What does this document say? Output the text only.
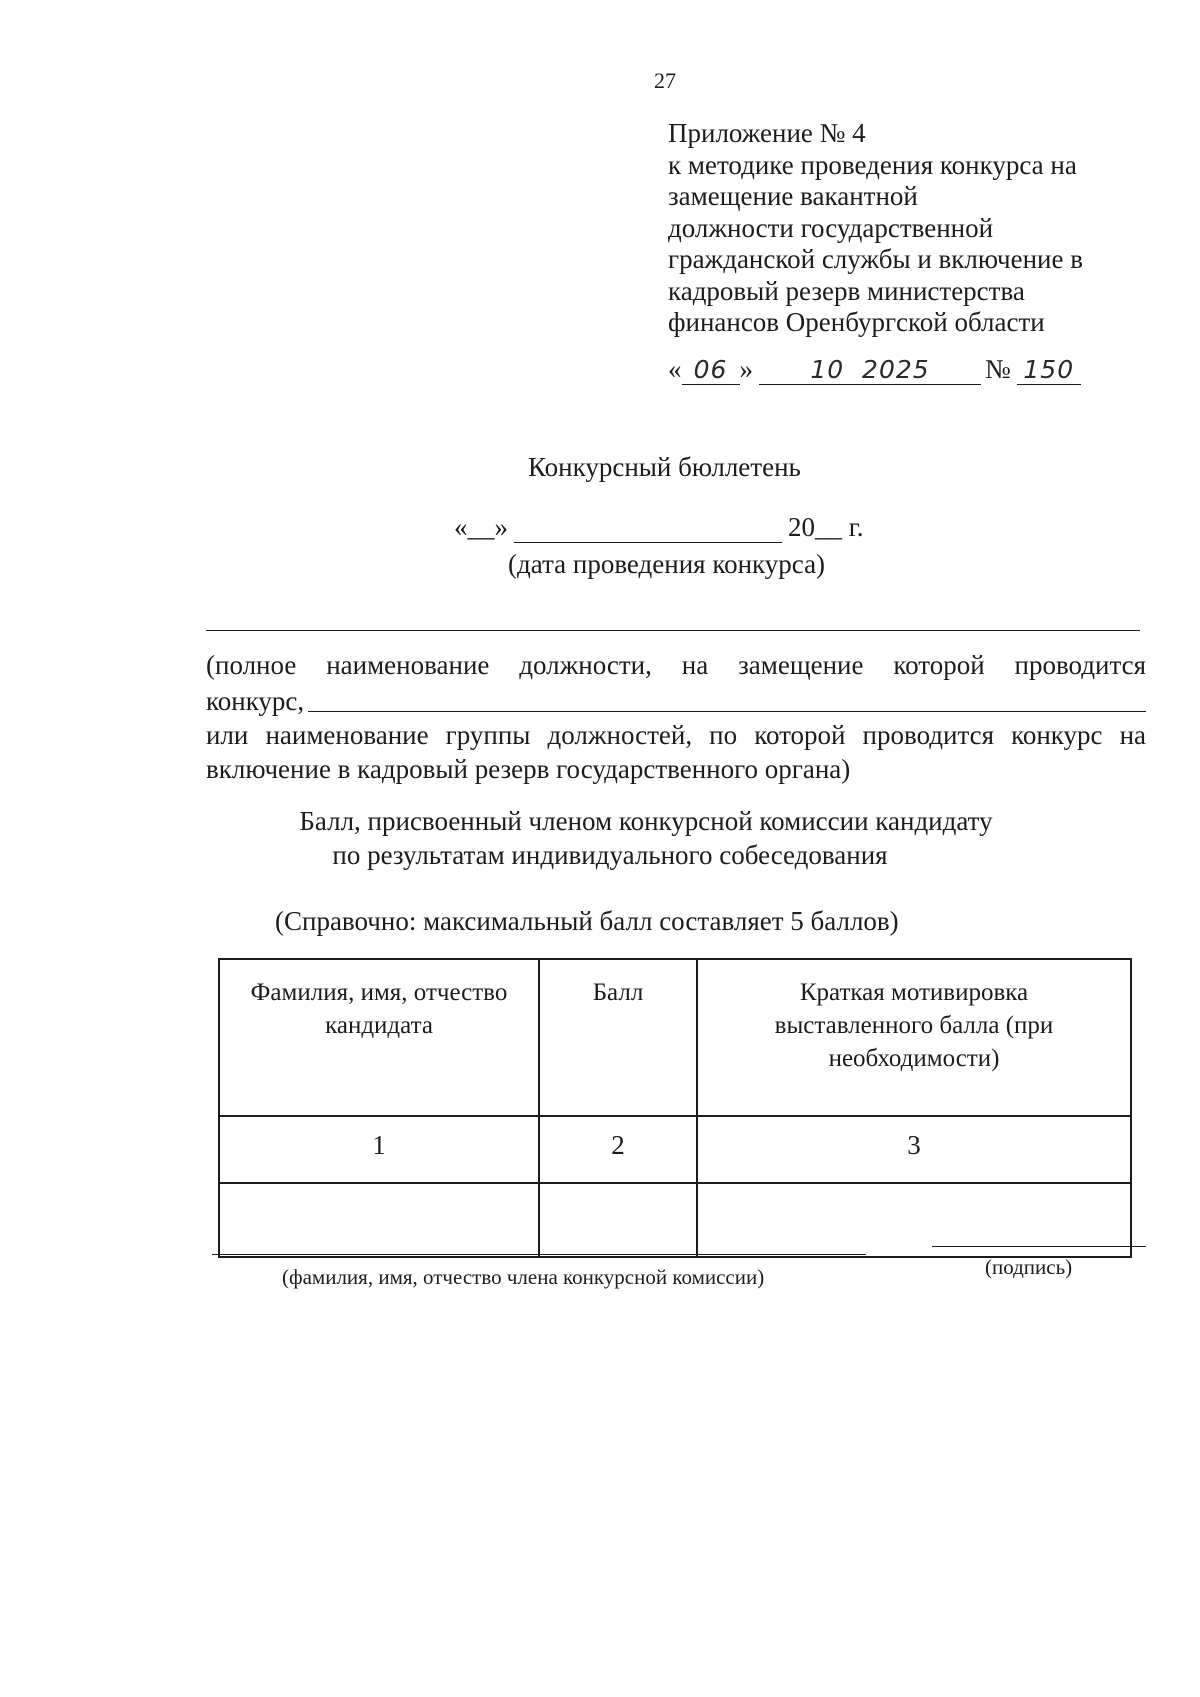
27
Приложение № 4
к методике проведения конкурса на
замещение вакантной
должности государственной
гражданской службы и включение в
кадровый резерв министерства
финансов Оренбургской области
« 06 »	10  2025	№ 150
Конкурсный бюллетень
«__»	20__ г.
(дата проведения конкурса)
(полное наименование должности, на замещение которой проводится
конкурс,
или наименование группы должностей, по которой проводится конкурс на
включение в кадровый резерв государственного органа)
Балл, присвоенный членом конкурсной комиссии кандидату
по результатам индивидуального собеседования
(Справочно: максимальный балл составляет 5 баллов)
Фамилия, имя, отчество кандидата	Балл	Краткая мотивировка выставленного балла (при необходимости)
1	2	3

(фамилия, имя, отчество члена конкурсной комиссии)	(подпись)
